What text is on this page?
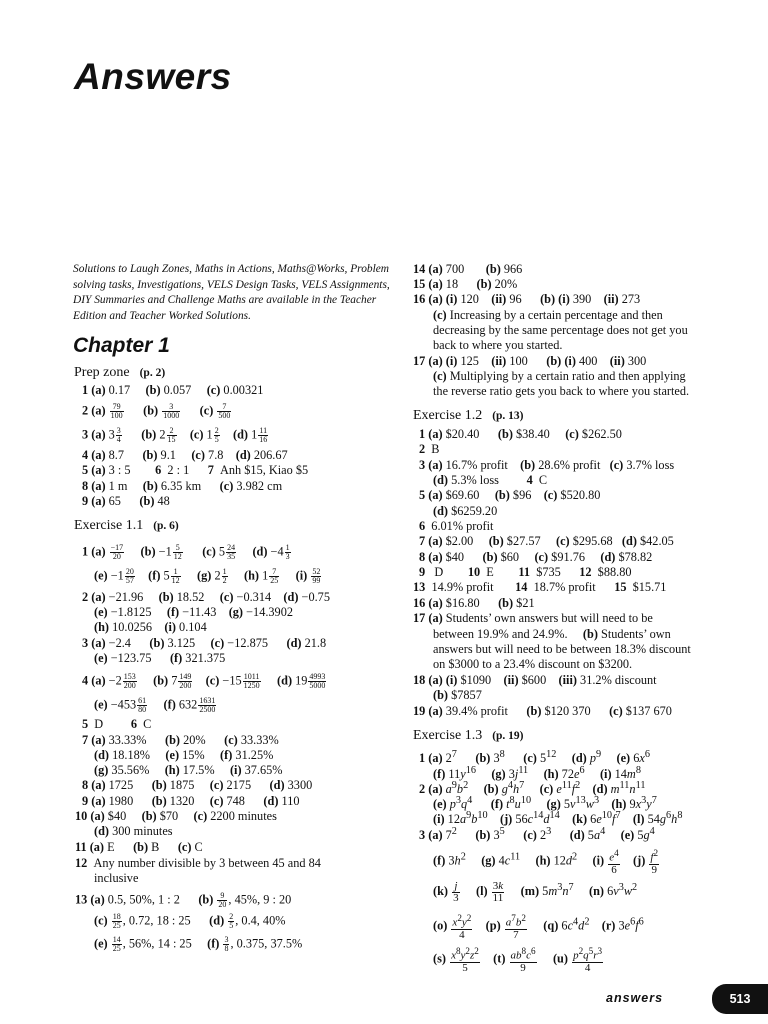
Answers
Solutions to Laugh Zones, Maths in Actions, Maths@Works, Problem solving tasks, Investigations, VELS Design Tasks, VELS Assignments, DIY Summaries and Challenge Maths are available in the Teacher Edition and Teacher Worked Solutions.
Chapter 1
Prep zone (p. 2)
1 (a) 0.17     (b) 0.057     (c) 0.00321
2 $(a) \frac{79}{100} (b) \frac{3}{1000} (c) \frac{7}{500}$
3 (a) $3 \frac{3}{4} (b)$ $2 \frac{2}{15} (c)$ $1 \frac{2}{5} (d)$ $1 \frac{11}{16}$
4 (a) 8.7      (b) 9.1     (c) 7.8    (d) 206.67
5 (a) 3 : 5        6  2 : 1      7  Anh $15, Kiao $5
8 (a) 1 m     (b) 6.35 km      (c) 3.982 cm
9 (a) 65      (b) 48
Exercise 1.1 (p. 6)
1 $(a) \frac{-17}{20} (b) -1 \frac{5}{12} (c)$ $5 \frac{24}{35} (d) -4 \frac{1}{3}$
$(e) -1 \frac{20}{57} (f)$ $5 \frac{1}{12} (g)$ $2 \frac{1}{2} (h)$ $1 \frac{7}{25} (i) \frac{52}{99}$
2 (a) −21.96     (b) 18.52     (c) −0.314    (d) −0.75
(e) −1.8125     (f) −11.43    (g) −14.3902
(h) 10.0256    (i) 0.104
3 (a) −2.4      (b) 3.125     (c) −12.875      (d) 21.8
(e) −123.75      (f) 321.375
4 $(a) -2 \frac{153}{200} (b)$ $7 \frac{149}{200} (c) -15 \frac{1011}{1250} (d)$ $19 \frac{4993}{5000}$
$(e) -453 \frac{61}{80} (f)$ $632 \frac{1631}{2500}$
5  D         6  C
7 (a) 33.33%      (b) 20%      (c) 33.33%
(d) 18.18%     (e) 15%     (f) 31.25%
(g) 35.56%     (h) 17.5%     (i) 37.65%
8 (a) 1725      (b) 1875     (c) 2175      (d) 3300
9 (a) 1980      (b) 1320     (c) 748      (d) 110
10 (a) $40     (b) $70     (c) 2200 minutes
(d) 300 minutes
11 (a) E      (b) B      (c) C
12  Any number divisible by 3 between 45 and 84
inclusive
13 (a) 0.5, 50%, 1 : 2      $(b) \frac{9}{20}$ , 45%, 9 : 20
$(c) \frac{18}{25}$ , 0.72, 18 : 25      $(d) \frac{2}{5}$ , 0.4, 40%
$(e) \frac{14}{25}$ , 56%, 14 : 25     $(f) \frac{3}{8}$ , 0.375, 37.5%
14 (a) 700       (b) 966
15 (a) 18      (b) 20%
16 (a) (i) 120    (ii) 96      (b) (i) 390    (ii) 273
(c) Increasing by a certain percentage and then
decreasing by the same percentage does not get you
back to where you started.
17 (a) (i) 125    (ii) 100      (b) (i) 400    (ii) 300
(c) Multiplying by a certain ratio and then applying
the reverse ratio gets you back to where you started.
Exercise 1.2 (p. 13)
1 (a) $20.40      (b) $38.40     (c) $262.50
2  B
3 (a) 16.7% profit    (b) 28.6% profit   (c) 3.7% loss
(d) 5.3% loss         4  C
5 (a) $69.60     (b) $96    (c) $520.80
(d) $6259.20
6  6.01% profit
7 (a) $2.00     (b) $27.57     (c) $295.68   (d) $42.05
8 (a) $40      (b) $60     (c) $91.76     (d) $78.82
9   D        10  E        11  $735      12  $88.80
13  14.9% profit       14  18.7% profit      15  $15.71
16 (a) $16.80      (b) $21
17 (a) Students’ own answers but will need to be
between 19.9% and 24.9%.     (b) Students’ own
answers but will need to be between 18.3% discount
on $3000 to a 23.4% discount on $3200.
18 (a) (i) $1090    (ii) $600    (iii) 31.2% discount
(b) $7857
19 (a) 39.4% profit      (b) $120 370      (c) $137 670
Exercise 1.3 (p. 19)
1 (a) $2^7$ (b) $3^8$ (c) $5^{12}$ (d) $p^9$ (e) $6x^6$
(f) $11y^{16}$ (g) $3j^{11}$ (h) $72e^6$ (i) $14m^8$
2 (a) $a^9b^2$ (b) $g^4h^7$ (c) $e^{11}f^2$ (d) $m^{11}n^{11}$
(e) $p^3q^4$ (f) $t^8u^{10}$ (g) $5v^{13}w^3$ (h) $9x^3y^7$
(i) $12a^9b^{10}$ (j) $56c^{14}d^{14}$ (k) $6e^{10}f^7$ (l) $54g^6h^8$
3 (a) $7^2$ (b) $3^5$ (c) $2^3$ (d) $5a^4$ (e) $5g^4$
(f) $3h^2$ (g) $4c^{11}$ (h) $12d^2$ $(i) \frac{e^4}{6} (j) \frac{f^2}{9}$
$(k) \frac{j}{3} (l) \frac{3k}{11} (m)$ $5m^3n^7$ (n) $6v^3w^2$
$(o) \frac{x^2y^2}{4} (p) \frac{a^7b^2}{7} (q)$ $6c^4d^2$ (r) $3e^6f^6$
$(s) \frac{x^8y^2z^2}{5} (t) \frac{ab^8c^6}{9} (u) \frac{p^2q^5r^3}{4}$
answers	513
